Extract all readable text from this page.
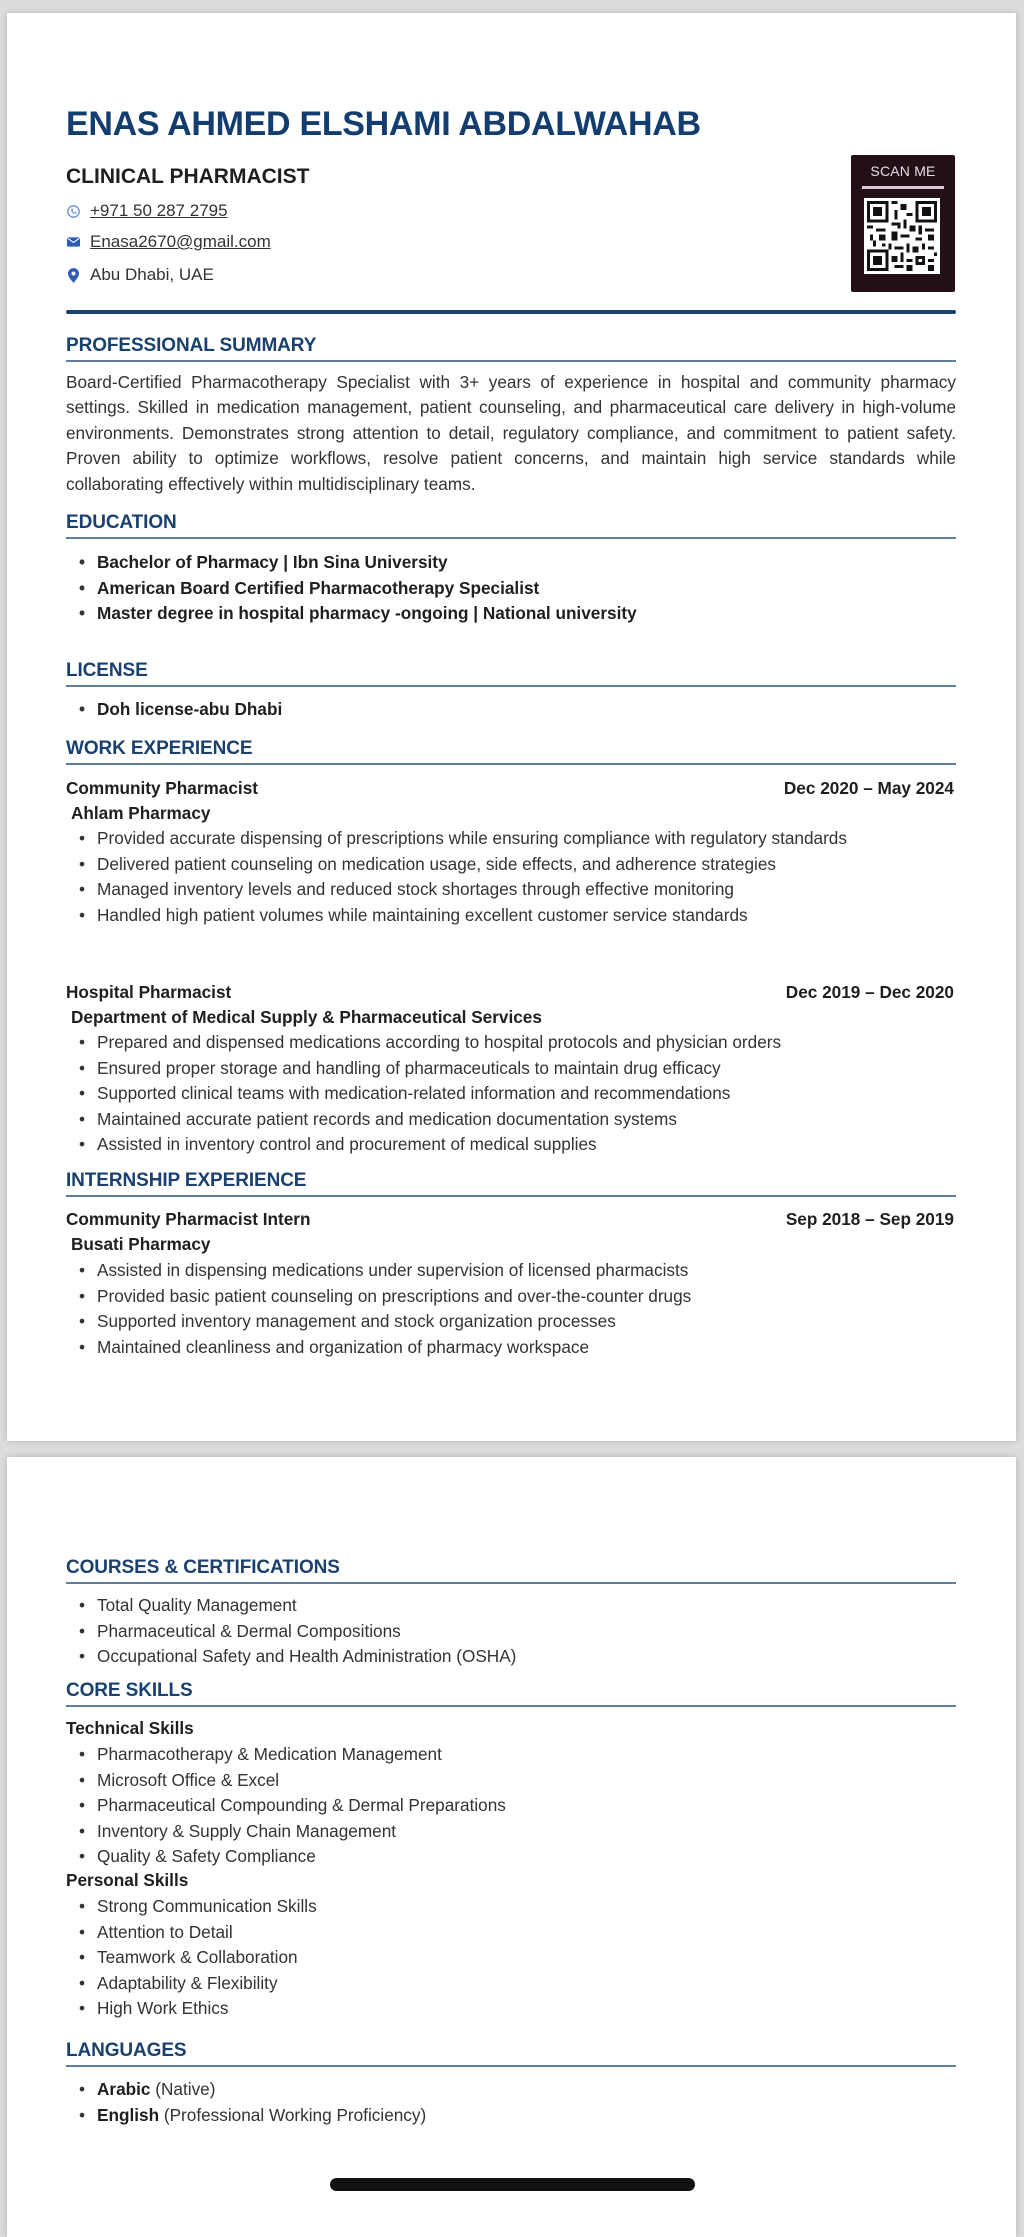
ENAS AHMED ELSHAMI ABDALWAHAB
CLINICAL PHARMACIST
+971 50 287 2795
Enasa2670@gmail.com
Abu Dhabi, UAE
SCAN ME
PROFESSIONAL SUMMARY
Board-Certified Pharmacotherapy Specialist with 3+ years of experience in hospital and community pharmacy settings. Skilled in medication management, patient counseling, and pharmaceutical care delivery in high-volume environments. Demonstrates strong attention to detail, regulatory compliance, and commitment to patient safety. Proven ability to optimize workflows, resolve patient concerns, and maintain high service standards while collaborating effectively within multidisciplinary teams.
EDUCATION
• Bachelor of Pharmacy | Ibn Sina University
• American Board Certified Pharmacotherapy Specialist
• Master degree in hospital pharmacy -ongoing | National university
LICENSE
• Doh license-abu Dhabi
WORK EXPERIENCE
Community Pharmacist	Dec 2020 – May 2024
Ahlam Pharmacy
• Provided accurate dispensing of prescriptions while ensuring compliance with regulatory standards
• Delivered patient counseling on medication usage, side effects, and adherence strategies
• Managed inventory levels and reduced stock shortages through effective monitoring
• Handled high patient volumes while maintaining excellent customer service standards
Hospital Pharmacist	Dec 2019 – Dec 2020
Department of Medical Supply & Pharmaceutical Services
• Prepared and dispensed medications according to hospital protocols and physician orders
• Ensured proper storage and handling of pharmaceuticals to maintain drug efficacy
• Supported clinical teams with medication-related information and recommendations
• Maintained accurate patient records and medication documentation systems
• Assisted in inventory control and procurement of medical supplies
INTERNSHIP EXPERIENCE
Community Pharmacist Intern	Sep 2018 – Sep 2019
Busati Pharmacy
• Assisted in dispensing medications under supervision of licensed pharmacists
• Provided basic patient counseling on prescriptions and over-the-counter drugs
• Supported inventory management and stock organization processes
• Maintained cleanliness and organization of pharmacy workspace
COURSES & CERTIFICATIONS
• Total Quality Management
• Pharmaceutical & Dermal Compositions
• Occupational Safety and Health Administration (OSHA)
CORE SKILLS
Technical Skills
• Pharmacotherapy & Medication Management
• Microsoft Office & Excel
• Pharmaceutical Compounding & Dermal Preparations
• Inventory & Supply Chain Management
• Quality & Safety Compliance
Personal Skills
• Strong Communication Skills
• Attention to Detail
• Teamwork & Collaboration
• Adaptability & Flexibility
• High Work Ethics
LANGUAGES
• Arabic (Native)
• English (Professional Working Proficiency)
